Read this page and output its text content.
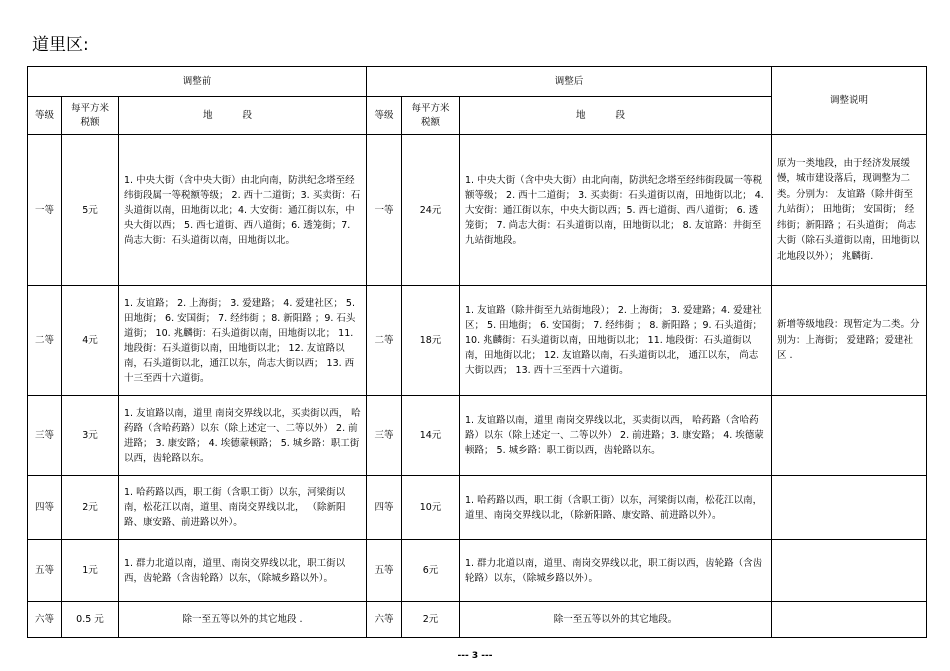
道里区:
调整前			调整后			调整说明
等级	每平方米税额	地段	等级	每平方米税额	地段	
一等	5元	1. 中央大街（含中央大街）由北向南，防洪纪念塔至经纬街段属一等税额等级； 2. 西十二道街；3. 买卖街：石头道街以南，田地街以北；4. 大安街：通江街以东，中央大街以西； 5. 西七道街、西八道街；6. 透笼街；7. 尚志大街：石头道街以南，田地街以北。	一等	24元	1. 中央大街（含中央大街）由北向南，防洪纪念塔至经纬街段属一等税额等级； 2. 西十二道街； 3. 买卖街：石头道街以南，田地街以北； 4. 大安街：通江街以东，中央大街以西；5. 西七道街、西八道街； 6. 透笼街； 7. 尚志大街：石头道街以南，田地街以北； 8. 友谊路：井街至九站街地段。	原为一类地段，由于经济发展缓慢，城市建设落后，现调整为二类。分别为： 友谊路（除井街至九站街）； 田地街； 安国街； 经纬街；新阳路 ；石头道街； 尚志大街（除石头道街以南，田地街以北地段以外）； 兆麟街.
二等	4元	1. 友谊路； 2. 上海街； 3. 爱建路； 4. 爱建社区； 5. 田地街； 6. 安国街； 7. 经纬街 ；8. 新阳路 ；9. 石头道街； 10. 兆麟街：石头道街以南，田地街以北； 11. 地段街：石头道街以南，田地街以北； 12. 友谊路以南，石头道街以北，通江以东，尚志大街以西； 13. 西十三至西十六道街。	二等	18元	1. 友谊路（除井街至九站街地段）； 2. 上海街； 3. 爱建路；4. 爱建社区； 5. 田地街； 6. 安国街； 7. 经纬街 ； 8. 新阳路 ；9. 石头道街； 10. 兆麟街：石头道街以南，田地街以北； 11. 地段街：石头道街以南，田地街以北； 12. 友谊路以南，石头道街以北， 通江以东， 尚志大街以西； 13. 西十三至西十六道街。	新增等级地段：现暂定为二类。分别为：上海街； 爱建路；爱建社区 .
三等	3元	1. 友谊路以南，道里 南岗交界线以北，买卖街以西， 哈药路（含哈药路）以东（除上述定一、二等以外） 2. 前进路； 3. 康安路； 4. 埃德蒙顿路； 5. 城乡路：职工街以西，齿轮路以东。	三等	14元	1. 友谊路以南，道里 南岗交界线以北，买卖街以西， 哈药路（含哈药路）以东（除上述定一、二等以外） 2. 前进路；3. 康安路； 4. 埃德蒙顿路； 5. 城乡路：职工街以西，齿轮路以东。	
四等	2元	1. 哈药路以西，职工街（含职工街）以东，河梁街以南，松花江以南，道里、南岗交界线以北， （除新阳路、康安路、前进路以外）。	四等	10元	1. 哈药路以西，职工街（含职工街）以东，河梁街以南，松花江以南， 道里、南岗交界线以北，（除新阳路、康安路、前进路以外）。	
五等	1元	1. 群力北道以南，道里、南岗交界线以北，职工街以西，齿轮路（含齿轮路）以东，（除城乡路以外）。	五等	6元	1. 群力北道以南，道里、南岗交界线以北，职工街以西，齿轮路（含齿轮路）以东，（除城乡路以外）。	
六等	0.5 元	除一至五等以外的其它地段 .	六等	2元	除一至五等以外的其它地段。	
--- 3 ---
